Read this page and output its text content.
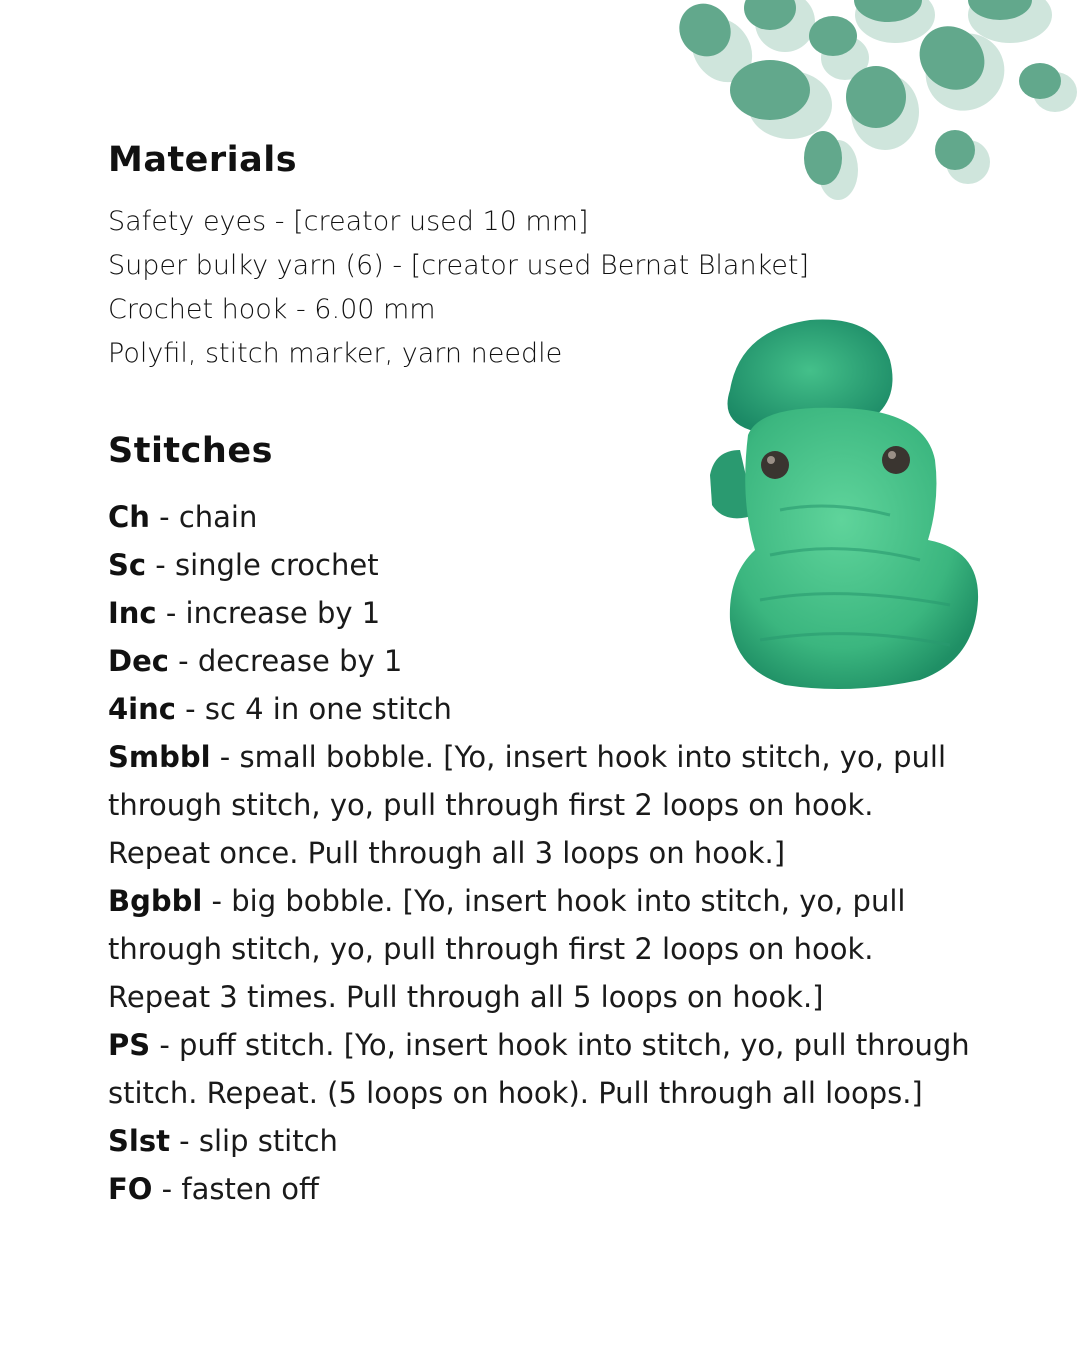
Materials
Safety eyes - [creator used 10 mm]
Super bulky yarn (6) - [creator used Bernat Blanket]
Crochet hook - 6.00 mm
Polyfil, stitch marker, yarn needle
Stitches
Ch - chain
Sc - single crochet
Inc - increase by 1
Dec - decrease by 1
4inc - sc 4 in one stitch
Smbbl - small bobble. [Yo, insert hook into stitch, yo, pull through stitch, yo, pull through first 2 loops on hook. Repeat once. Pull through all 3 loops on hook.]
Bgbbl - big bobble. [Yo, insert hook into stitch, yo, pull through stitch, yo, pull through first 2 loops on hook. Repeat 3 times. Pull through all 5 loops on hook.]
PS - puff stitch. [Yo, insert hook into stitch, yo, pull through stitch. Repeat. (5 loops on hook). Pull through all loops.]
Slst - slip stitch
FO - fasten off
